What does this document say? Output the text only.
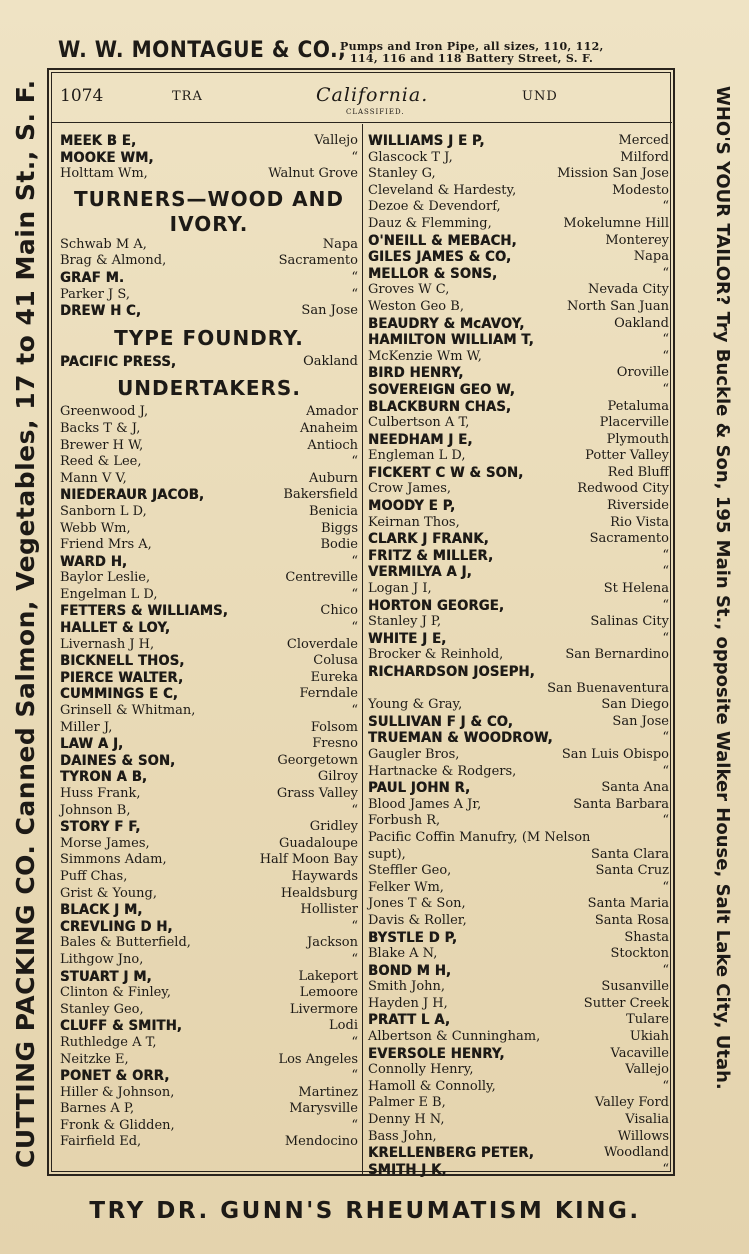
W. W. MONTAGUE & CO.,
Pumps and Iron Pipe, all sizes, 110, 112,
114, 116 and 118 Battery Street, S. F.
CUTTING PACKING CO. Canned Salmon, Vegetables, 17 to 41 Main St., S. F.	WHO'S YOUR TAILOR? Try Buckle & Son, 195 Main St., opposite Walker House, Salt Lake City, Utah.
1074	TRA	California.
CLASSIFIED.
UND
MEEK B E,	Vallejo
MOOKE WM,	“
Holttam Wm,	Walnut Grove
TURNERS—WOOD AND IVORY.
Schwab M A,	Napa
Brag & Almond,	Sacramento
GRAF M.	“
Parker J S,	“
DREW H C,	San Jose
TYPE FOUNDRY.
PACIFIC PRESS,	Oakland
UNDERTAKERS.
Greenwood J,	Amador
Backs T & J,	Anaheim
Brewer H W,	Antioch
Reed & Lee,	“
Mann V V,	Auburn
NIEDERAUR JACOB,	Bakersfield
Sanborn L D,	Benicia
Webb Wm,	Biggs
Friend Mrs A,	Bodie
WARD H,	“
Baylor Leslie,	Centreville
Engelman L D,	“
FETTERS & WILLIAMS,	Chico
HALLET & LOY,	“
Livernash J H,	Cloverdale
BICKNELL THOS,	Colusa
PIERCE WALTER,	Eureka
CUMMINGS E C,	Ferndale
Grinsell & Whitman,	“
Miller J,	Folsom
LAW A J,	Fresno
DAINES & SON,	Georgetown
TYRON A B,	Gilroy
Huss Frank,	Grass Valley
Johnson B,	“
STORY F F,	Gridley
Morse James,	Guadaloupe
Simmons Adam,	Half Moon Bay
Puff Chas,	Haywards
Grist & Young,	Healdsburg
BLACK J M,	Hollister
CREVLING D H,	“
Bales & Butterfield,	Jackson
Lithgow Jno,	“
STUART J M,	Lakeport
Clinton & Finley,	Lemoore
Stanley Geo,	Livermore
CLUFF & SMITH,	Lodi
Ruthledge A T,	“
Neitzke E,	Los Angeles
PONET & ORR,	“
Hiller & Johnson,	Martinez
Barnes A P,	Marysville
Fronk & Glidden,	“
Fairfield Ed,	Mendocino
WILLIAMS J E P,	Merced
Glascock T J,	Milford
Stanley G,	Mission San Jose
Cleveland & Hardesty,	Modesto
Dezoe & Devendorf,	“
Dauz & Flemming,	Mokelumne Hill
O'NEILL & MEBACH,	Monterey
GILES JAMES & CO,	Napa
MELLOR & SONS,	“
Groves W C,	Nevada City
Weston Geo B,	North San Juan
BEAUDRY & McAVOY,	Oakland
HAMILTON WILLIAM T,	“
McKenzie Wm W,	“
BIRD HENRY,	Oroville
SOVEREIGN GEO W,	“
BLACKBURN CHAS,	Petaluma
Culbertson A T,	Placerville
NEEDHAM J E,	Plymouth
Engleman L D,	Potter Valley
FICKERT C W & SON,	Red Bluff
Crow James,	Redwood City
MOODY E P,	Riverside
Keirnan Thos,	Rio Vista
CLARK J FRANK,	Sacramento
FRITZ & MILLER,	“
VERMILYA A J,	“
Logan J I,	St Helena
HORTON GEORGE,	“
Stanley J P,	Salinas City
WHITE J E,	“
Brocker & Reinhold,	San Bernardino
RICHARDSON JOSEPH,
San Buenaventura
Young & Gray,	San Diego
SULLIVAN F J & CO,	San Jose
TRUEMAN & WOODROW,	“
Gaugler Bros,	San Luis Obispo
Hartnacke & Rodgers,	“
PAUL JOHN R,	Santa Ana
Blood James A Jr,	Santa Barbara
Forbush R,	“
Pacific Coffin Manufry, (M Nelson
supt),	Santa Clara
Steffler Geo,	Santa Cruz
Felker Wm,	“
Jones T & Son,	Santa Maria
Davis & Roller,	Santa Rosa
BYSTLE D P,	Shasta
Blake A N,	Stockton
BOND M H,	“
Smith John,	Susanville
Hayden J H,	Sutter Creek
PRATT L A,	Tulare
Albertson & Cunningham,	Ukiah
EVERSOLE HENRY,	Vacaville
Connolly Henry,	Vallejo
Hamoll & Connolly,	“
Palmer E B,	Valley Ford
Denny H N,	Visalia
Bass John,	Willows
KRELLENBERG PETER,	Woodland
SMITH J K,	“
TRY DR. GUNN'S RHEUMATISM KING.
